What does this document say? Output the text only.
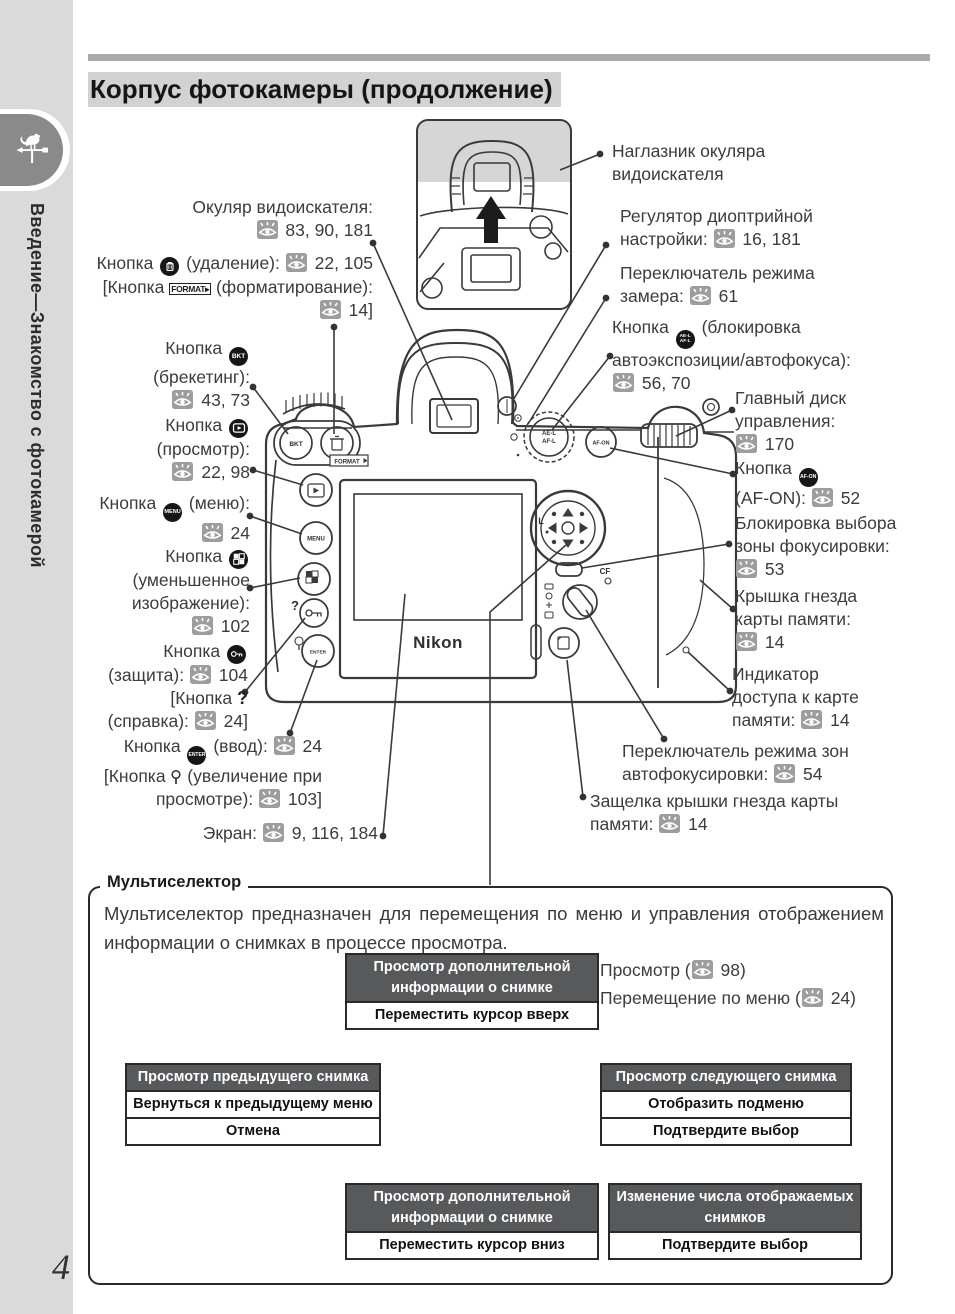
Введение—Знакомство с фотокамерой
4
Корпус фотокамеры (продолжение)
BKT
AE-L
AF-L	AF-ON
FORMAT
MENU
ENTER
?
L
CF
Nikon
Окуляр видоискателя:
83, 90, 181
Кнопка
(удаление):
22, 105
[Кнопка FORMAT▸ (форматирование):
14]
Кнопка BKT
(брекетинг):
43, 73
Кнопка
(просмотр):
22, 98
Кнопка MENU (меню):
24
Кнопка
(уменьшенное
изображение):
102
Кнопка
(защита):
104
[Кнопка ?
(справка):
24]
Кнопка ENTER (ввод):
24
[Кнопка
(увеличение при
просмотре):
103]
Экран:
9, 116, 184
Наглазник окуляра
видоискателя
Регулятор диоптрийной
настройки:
16, 181
Переключатель режима
замера:
61
Кнопка AE-L
AF-L (блокировка
автоэкспозиции/автофокуса):
56, 70
Главный диск
управления:
170
Кнопка AF-ON
(AF-ON):
52
Блокировка выбора
зоны фокусировки:
53
Крышка гнезда
карты памяти:
14
Индикатор
доступа к карте
памяти:
14
Переключатель режима зон
автофокусировки:
54
Защелка крышки гнезда карты
памяти:
14
Просмотр (
98)
Перемещение по меню (
24)
Мультиселектор
Мультиселектор предназначен для перемещения по меню и управления отображением информации о снимках в процессе просмотра.
Просмотр дополнительной
информации о снимке
Переместить курсор вверх
Просмотр предыдущего снимка
Вернуться к предыдущему меню
Отмена
Просмотр следующего снимка
Отобразить подменю
Подтвердите выбор
Просмотр дополнительной
информации о снимке
Переместить курсор вниз
Изменение числа отображаемых
снимков
Подтвердите выбор
